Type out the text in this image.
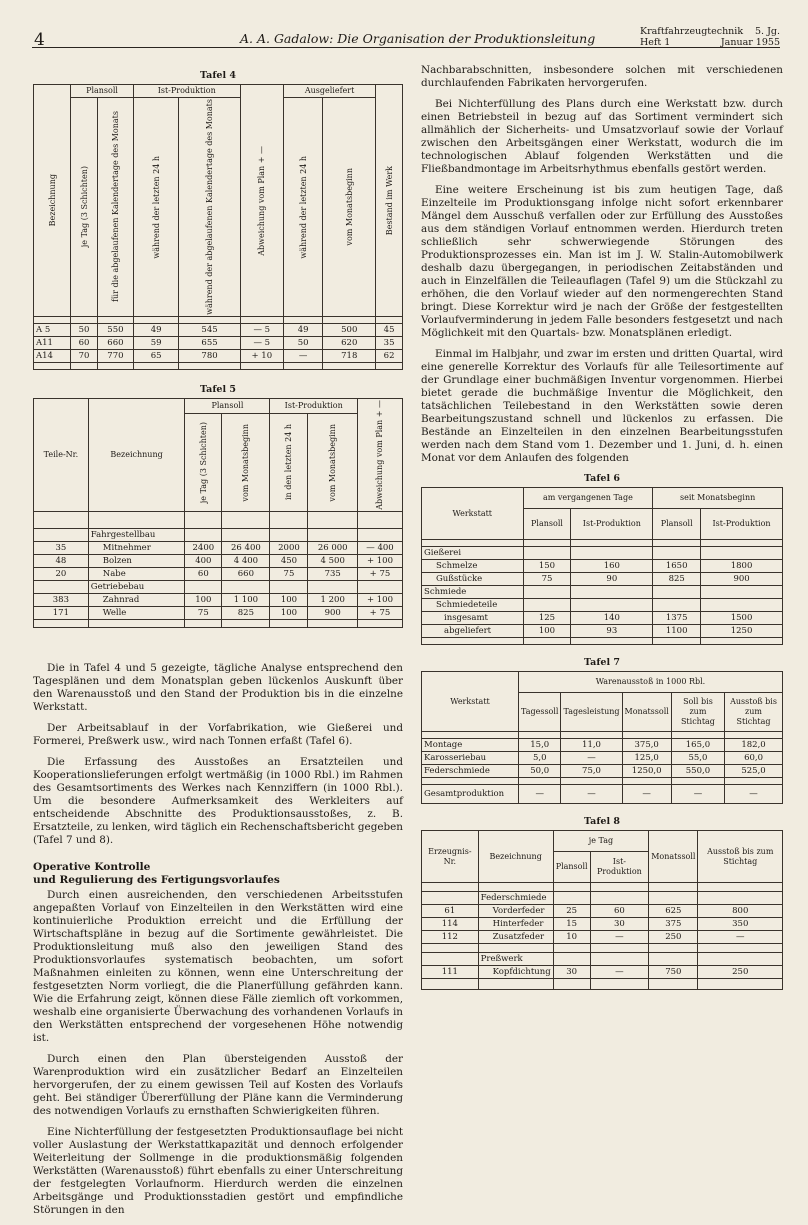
4	A. A. Gadalow: Die Organisation der Produktionsleitung	Kraftfahrzeugtechnik 5. Jg.
Heft 1	Januar 1955
Tafel 4
Bezeichnung	Plansoll		Ist-Produktion		Abweichung vom Plan + —	Ausgeliefert		Bestand im Werk

	je Tag (3 Schichten)	für die abgelaufenen Kalendertage des Monats	während der letzten 24 h	während der abgelaufenen Kalendertage des Monats		während der letzten 24 h	vom Monatsbeginn	

A 5	50	550	49	545	— 5	49	500	45
A11	60	660	59	655	— 5	50	620	35
A14	70	770	65	780	+ 10	—	718	62

Tafel 5
Teile-Nr.	Bezeichnung	Plansoll		Ist-Produktion		Abweichung vom Plan + —

		je Tag (3 Schichten)	vom Monatsbeginn	in den letzten 24 h	vom Monatsbeginn	

	Fahrgestellbau					
35	Mitnehmer	2400	26 400	2000	26 000	— 400
48	Bolzen	400	4 400	450	4 500	+ 100
20	Nabe	60	660	75	735	+ 75
	Getriebebau					
383	Zahnrad	100	1 100	100	1 200	+ 100
171	Welle	75	825	100	900	+ 75

Die in Tafel 4 und 5 gezeigte, tägliche Analyse entsprechend den Tagesplänen und dem Monatsplan geben lückenlos Auskunft über den Warenausstoß und den Stand der Produktion bis in die einzelne Werkstatt.

Der Arbeitsablauf in der Vorfabrikation, wie Gießerei und Formerei, Preßwerk usw., wird nach Tonnen erfaßt (Tafel 6).

Die Erfassung des Ausstoßes an Ersatzteilen und Kooperationslieferungen erfolgt wertmäßig (in 1000 Rbl.) im Rahmen des Gesamtsortiments des Werkes nach Kennziffern (in 1000 Rbl.). Um die besondere Aufmerksamkeit des Werkleiters auf entscheidende Abschnitte des Produktionsausstoßes, z. B. Ersatzteile, zu lenken, wird täglich ein Rechenschaftsbericht gegeben (Tafel 7 und 8).

Operative Kontrolle
und Regulierung des Fertigungsvorlaufes

Durch einen ausreichenden, den verschiedenen Arbeitsstufen angepaßten Vorlauf von Einzelteilen in den Werkstätten wird eine kontinuierliche Produktion erreicht und die Erfüllung der Wirtschaftspläne in bezug auf die Sortimente gewährleistet. Die Produktionsleitung muß also den jeweiligen Stand des Produktionsvorlaufes systematisch beobachten, um sofort Maßnahmen einleiten zu können, wenn eine Unterschreitung der festgesetzten Norm vorliegt, die die Planerfüllung gefährden kann. Wie die Erfahrung zeigt, können diese Fälle ziemlich oft vorkommen, weshalb eine organisierte Überwachung des vorhandenen Vorlaufs in den Werkstätten entsprechend der vorgesehenen Höhe notwendig ist.

Durch einen den Plan übersteigenden Ausstoß der Warenproduktion wird ein zusätzlicher Bedarf an Einzelteilen hervorgerufen, der zu einem gewissen Teil auf Kosten des Vorlaufs geht. Bei ständiger Übererfüllung der Pläne kann die Verminderung des notwendigen Vorlaufs zu ernsthaften Schwierigkeiten führen.

Eine Nichterfüllung der festgesetzten Produktionsauflage bei nicht voller Auslastung der Werkstattkapazität und dennoch erfolgender Weiterleitung der Sollmenge in die produktionsmäßig folgenden Werkstätten (Warenausstoß) führt ebenfalls zu einer Unterschreitung der festgelegten Vorlaufnorm. Hierdurch werden die einzelnen Arbeitsgänge und Produktionsstadien gestört und empfindliche Störungen in den

Nachbarabschnitten, insbesondere solchen mit verschiedenen durchlaufenden Fabrikaten hervorgerufen.

Bei Nichterfüllung des Plans durch eine Werkstatt bzw. durch einen Betriebsteil in bezug auf das Sortiment vermindert sich allmählich der Sicherheits- und Umsatzvorlauf sowie der Vorlauf zwischen den Arbeitsgängen einer Werkstatt, wodurch die im technologischen Ablauf folgenden Werkstätten und die Fließbandmontage im Arbeitsrhythmus ebenfalls gestört werden.

Eine weitere Erscheinung ist bis zum heutigen Tage, daß Einzelteile im Produktionsgang infolge nicht sofort erkennbarer Mängel dem Ausschuß verfallen oder zur Erfüllung des Ausstoßes aus dem ständigen Vorlauf entnommen werden. Hierdurch treten schließlich sehr schwerwiegende Störungen des Produktionsprozesses ein. Man ist im J. W. Stalin-Automobilwerk deshalb dazu übergegangen, in periodischen Zeitabständen und auch in Einzelfällen die Teileauflagen (Tafel 9) um die Stückzahl zu erhöhen, die den Vorlauf wieder auf den normengerechten Stand bringt. Diese Korrektur wird je nach der Größe der festgestellten Vorlaufverminderung in jedem Falle besonders festgesetzt und nach Möglichkeit mit den Quartals- bzw. Monatsplänen erledigt.

Einmal im Halbjahr, und zwar im ersten und dritten Quartal, wird eine generelle Korrektur des Vorlaufs für alle Teilesortimente auf der Grundlage einer buchmäßigen Inventur vorgenommen. Hierbei bietet gerade die buchmäßige Inventur die Möglichkeit, den tatsächlichen Teilebestand in den Werkstätten sowie deren Bearbeitungszustand schnell und lückenlos zu erfassen. Die Bestände an Einzelteilen in den einzelnen Bearbeitungsstufen werden nach dem Stand vom 1. Dezember und 1. Juni, d. h. einen Monat vor dem Anlaufen des folgenden

Tafel 6
Werkstatt	am vergangenen Tage		seit Monatsbeginn	
	Plansoll	Ist-Produktion	Plansoll	Ist-Produktion

Gießerei				
Schmelze	150	160	1650	1800
Gußstücke	75	90	825	900
Schmiede				
Schmiedeteile				
insgesamt	125	140	1375	1500
abgeliefert	100	93	1100	1250

Tafel 7
Werkstatt	Warenausstoß in 1000 Rbl.				
	Tagessoll	Tagesleistung	Monatssoll	Soll bis zum Stichtag	Ausstoß bis zum Stichtag

Montage	15,0	11,0	375,0	165,0	182,0
Karosseriebau	5,0	—	125,0	55,0	60,0
Federschmiede	50,0	75,0	1250,0	550,0	525,0

Gesamtproduktion	—	—	—	—	—
Tafel 8
Erzeugnis-Nr.	Bezeichnung	je Tag		Monatssoll	Ausstoß bis zum Stichtag
		Plansoll	Ist-Produktion		

	Federschmiede				
61	Vorderfeder	25	60	625	800
114	Hinterfeder	15	30	375	350
112	Zusatzfeder	10	—	250	—

	Preßwerk				
111	Kopfdichtung	30	—	750	250
